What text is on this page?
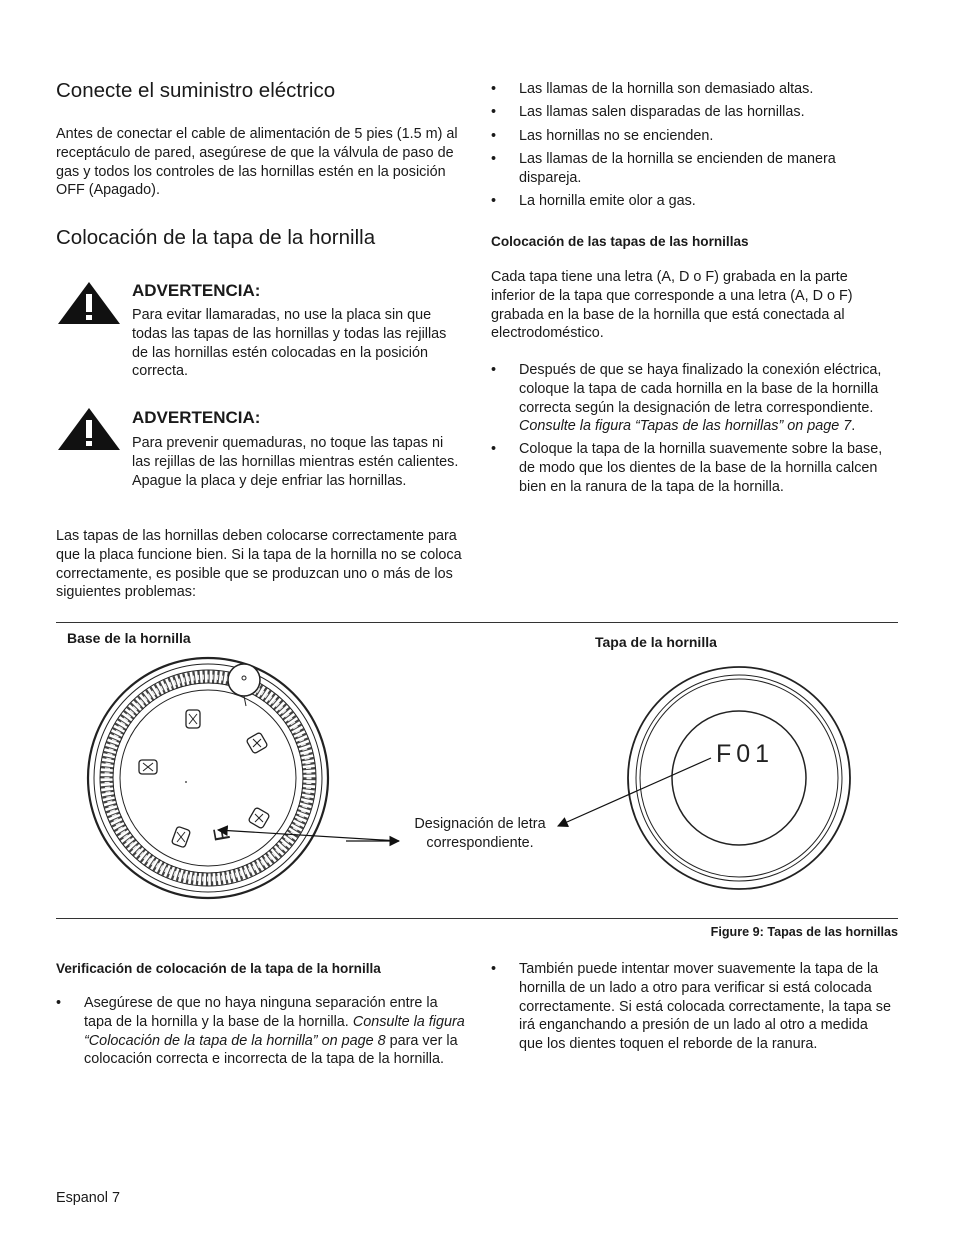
Conecte el suministro eléctrico

Antes de conectar el cable de alimentación de 5 pies (1.5 m) al receptáculo de pared, asegúrese de que la válvula de paso de gas y todos los controles de las hornillas estén en la posición OFF (Apagado).

Colocación de la tapa de la hornilla
ADVERTENCIA:
Para evitar llamaradas, no use la placa sin que todas las tapas de las hornillas y todas las rejillas de las hornillas estén colocadas en la posición correcta.
ADVERTENCIA:
Para prevenir quemaduras, no toque las tapas ni las rejillas de las hornillas mientras estén calientes. Apague la placa y deje enfriar las hornillas.

Las tapas de las hornillas deben colocarse correctamente para que la placa funcione bien. Si la tapa de la hornilla no se coloca correctamente, es posible que se produzcan uno o más de los siguientes problemas:

• Las llamas de la hornilla son demasiado altas.
• Las llamas salen disparadas de las hornillas.
• Las hornillas no se encienden.
• Las llamas de la hornilla se encienden de manera dispareja.
• La hornilla emite olor a gas.
Colocación de las tapas de las hornillas

Cada tapa tiene una letra (A, D o F) grabada en la parte inferior de la tapa que corresponde a una letra (A, D o F) grabada en la base de la hornilla que está conectada al electrodoméstico.

• Después de que se haya finalizado la conexión eléctrica, coloque la tapa de cada hornilla en la base de la hornilla correcta según la designación de letra correspondiente. Consulte la figura “Tapas de las hornillas” on page 7.
• Coloque la tapa de la hornilla suavemente sobre la base, de modo que los dientes de la base de la hornilla calcen bien en la ranura de la tapa de la hornilla.
Base de la hornilla	Tapa de la hornilla
F
F01
Designación de letra
correspondiente.
Figure 9: Tapas de las hornillas
Verificación de colocación de la tapa de la hornilla
• Asegúrese de que no haya ninguna separación entre la tapa de la hornilla y la base de la hornilla. Consulte la figura “Colocación de la tapa de la hornilla” on page 8 para ver la colocación correcta e incorrecta de la tapa de la hornilla.
• También puede intentar mover suavemente la tapa de la hornilla de un lado a otro para verificar si está colocada correctamente. Si está colocada correctamente, la tapa se irá enganchando a presión de un lado al otro a medida que los dientes toquen el reborde de la ranura.
Espanol 7
